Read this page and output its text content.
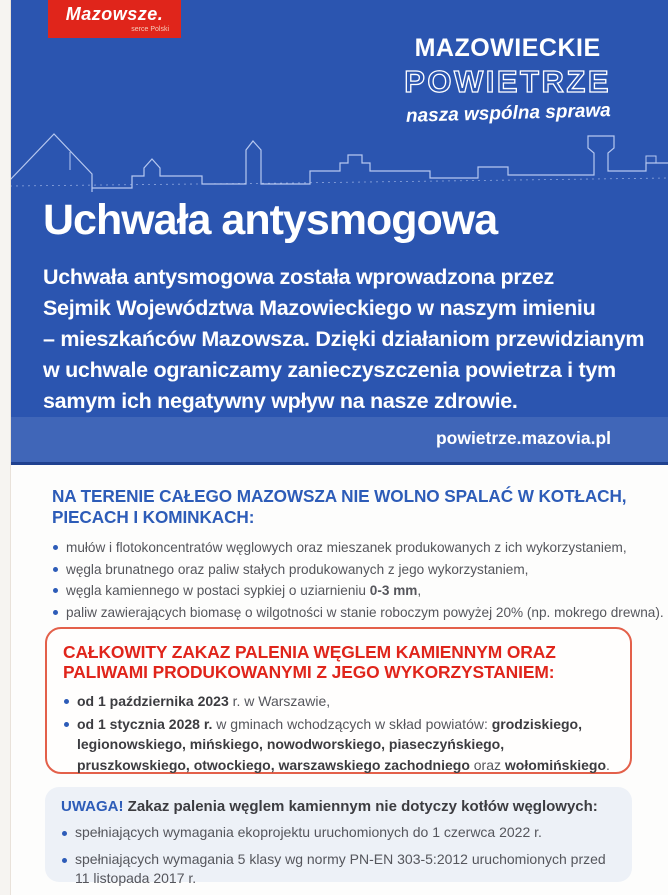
Mazowsze.
serce Polski
MAZOWIECKIE
POWIETRZE
nasza wspólna sprawa
Uchwała antysmogowa
Uchwała antysmogowa została wprowadzona przez
Sejmik Województwa Mazowieckiego w naszym imieniu
– mieszkańców Mazowsza. Dzięki działaniom przewidzianym
w uchwale ograniczamy zanieczyszczenia powietrza i tym
samym ich negatywny wpływ na nasze zdrowie.
powietrze.mazovia.pl
NA TERENIE CAŁEGO MAZOWSZA NIE WOLNO SPALAĆ W KOTŁACH, PIECACH I KOMINKACH:
mułów i flotokoncentratów węglowych oraz mieszanek produkowanych z ich wykorzystaniem,
węgla brunatnego oraz paliw stałych produkowanych z jego wykorzystaniem,
węgla kamiennego w postaci sypkiej o uziarnieniu 0-3 mm,
paliw zawierających biomasę o wilgotności w stanie roboczym powyżej 20% (np. mokrego drewna).
CAŁKOWITY ZAKAZ PALENIA WĘGLEM KAMIENNYM ORAZ PALIWAMI PRODUKOWANYMI Z JEGO WYKORZYSTANIEM:
od 1 października 2023 r. w Warszawie,
od 1 stycznia 2028 r. w gminach wchodzących w skład powiatów: grodziskiego, legionowskiego, mińskiego, nowodworskiego, piaseczyńskiego, pruszkowskiego, otwockiego, warszawskiego zachodniego oraz wołomińskiego.
UWAGA! Zakaz palenia węglem kamiennym nie dotyczy kotłów węglowych:
spełniających wymagania ekoprojektu uruchomionych do 1 czerwca 2022 r.
spełniających wymagania 5 klasy wg normy PN-EN 303-5:2012 uruchomionych przed 11 listopada 2017 r.
